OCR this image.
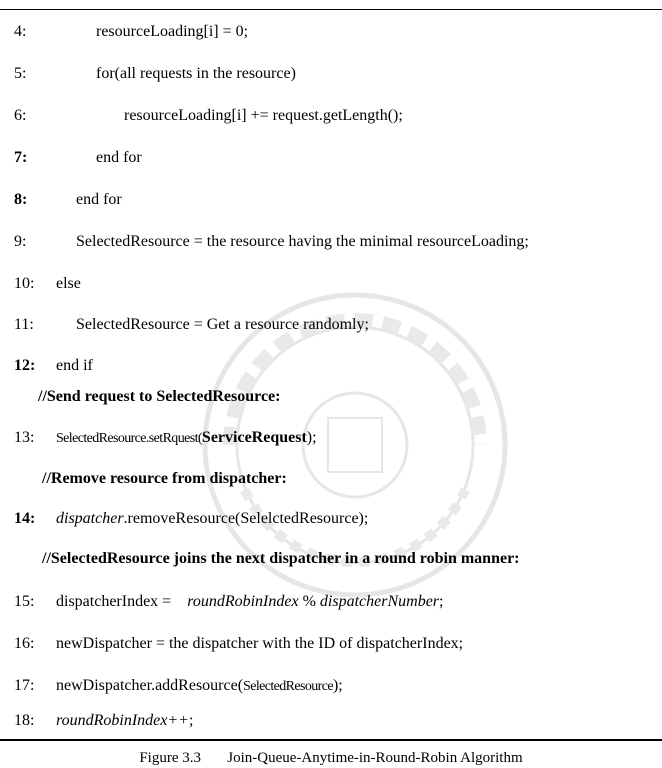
4:	resourceLoading[i] = 0;
5:	for(all requests in the resource)
6:	resourceLoading[i] += request.getLength();
7:	end for
8:	end for
9:	SelectedResource = the resource having the minimal resourceLoading;
10: else
11:	SelectedResource = Get a resource randomly;
12: end if
//Send request to SelectedResource:
13: SelectedResource.setRquest(ServiceRequest);
//Remove resource from dispatcher:
14: dispatcher.removeResource(SelelctedResource);
//SelectedResource joins the next dispatcher in a round robin manner:
15: dispatcherIndex = roundRobinIndex % dispatcherNumber;
16: newDispatcher = the dispatcher with the ID of dispatcherIndex;
17: newDispatcher.addResource(SelectedResource);
18: roundRobinIndex++;
Figure 3.3       Join-Queue-Anytime-in-Round-Robin Algorithm
